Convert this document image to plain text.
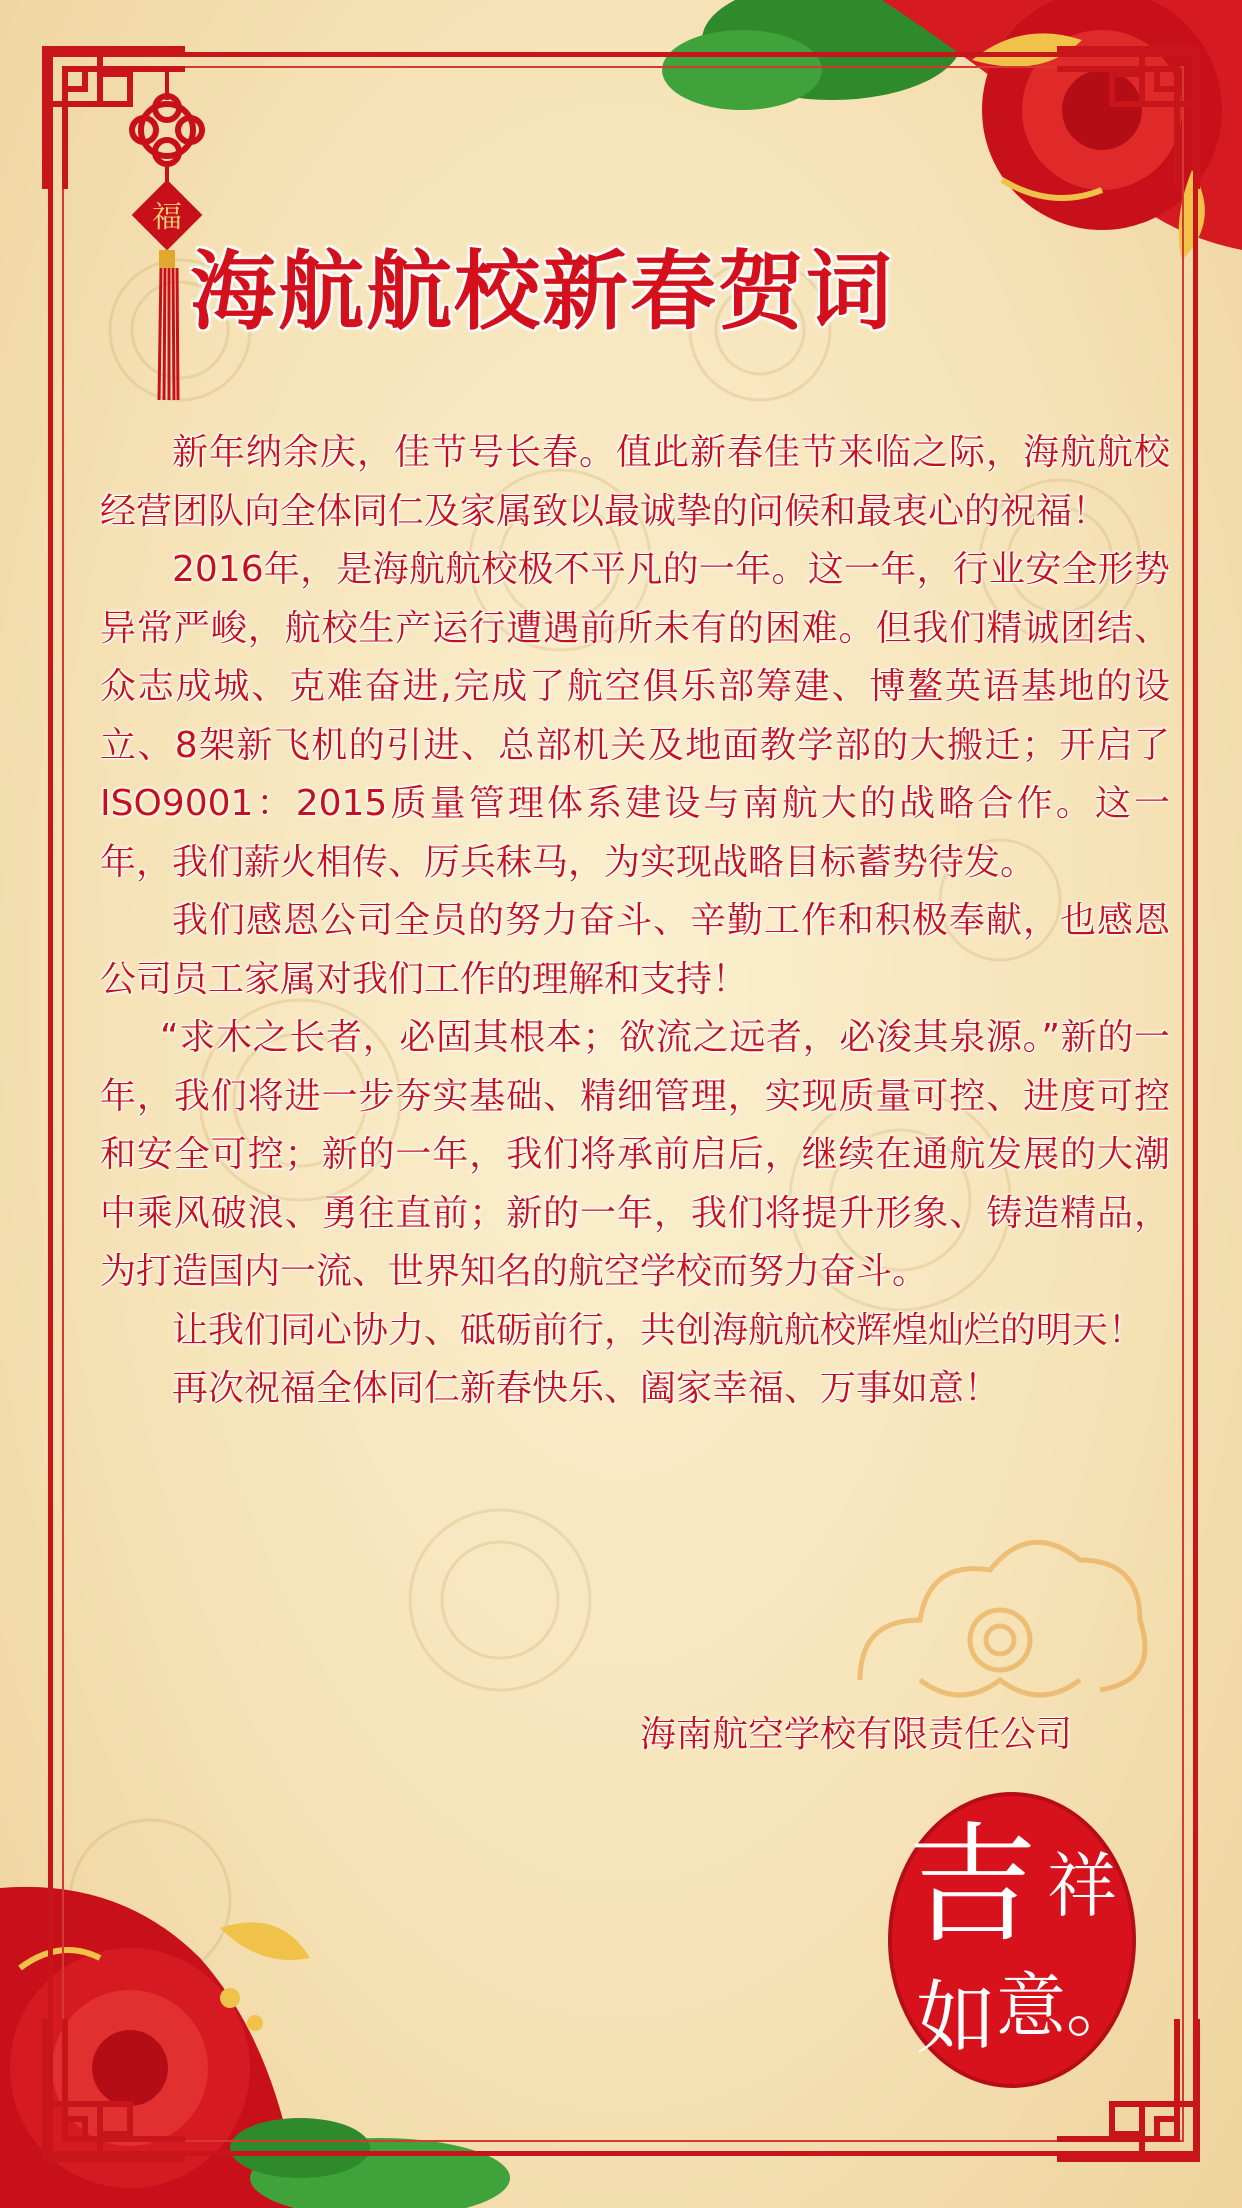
福
海航航校新春贺词

新年纳余庆，佳节号长春。值此新春佳节来临之际，海航航校经营团队向全体同仁及家属致以最诚挚的问候和最衷心的祝福！

2016年，是海航航校极不平凡的一年。这一年，行业安全形势异常严峻，航校生产运行遭遇前所未有的困难。但我们精诚团结、众志成城、克难奋进,完成了航空俱乐部筹建、博鳌英语基地的设立、8架新飞机的引进、总部机关及地面教学部的大搬迁；开启了ISO9001：2015质量管理体系建设与南航大的战略合作。这一年，我们薪火相传、厉兵秣马，为实现战略目标蓄势待发。

我们感恩公司全员的努力奋斗、辛勤工作和积极奉献，也感恩公司员工家属对我们工作的理解和支持！

“求木之长者，必固其根本；欲流之远者，必浚其泉源。”新的一年，我们将进一步夯实基础、精细管理，实现质量可控、进度可控和安全可控；新的一年，我们将承前启后，继续在通航发展的大潮中乘风破浪、勇往直前；新的一年，我们将提升形象、铸造精品，为打造国内一流、世界知名的航空学校而努力奋斗。

让我们同心协力、砥砺前行，共创海航航校辉煌灿烂的明天！

再次祝福全体同仁新春快乐、阖家幸福、万事如意！

海南航空学校有限责任公司
吉 祥
如 意。
